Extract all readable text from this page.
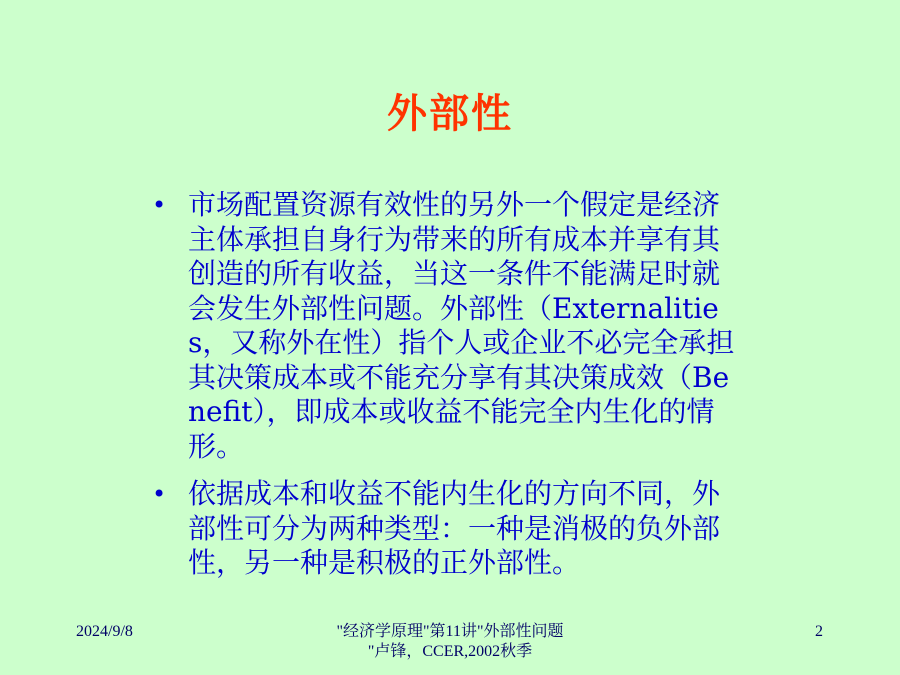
外部性
• 市场配置资源有效性的另外一个假定是经济主体承担自身行为带来的所有成本并享有其创造的所有收益，当这一条件不能满足时就会发生外部性问题。外部性（Externalities，又称外在性）指个人或企业不必完全承担其决策成本或不能充分享有其决策成效（Benefit），即成本或收益不能完全内生化的情形。
• 依据成本和收益不能内生化的方向不同，外部性可分为两种类型：一种是消极的负外部性，另一种是积极的正外部性。
2024/9/8	"经济学原理"第11讲"外部性问题
"卢锋，CCER,2002秋季
2
